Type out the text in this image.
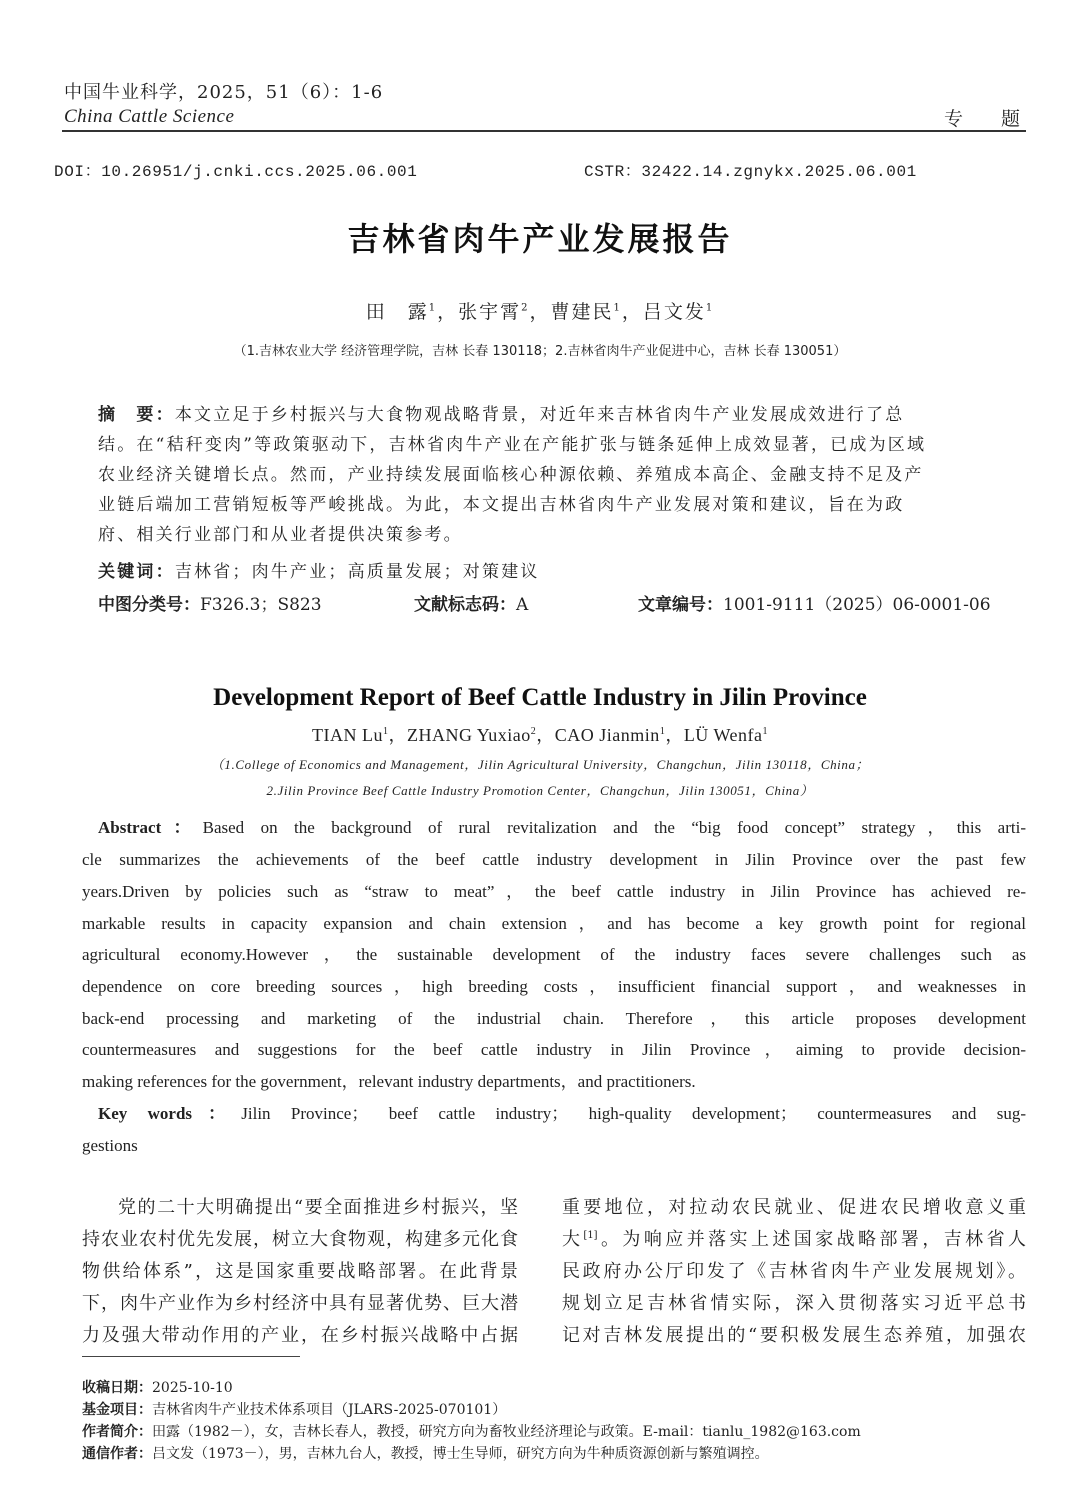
中国牛业科学，2025，51（6）：1-6
China Cattle Science	专题
DOI：10.26951/j.cnki.ccs.2025.06.001	CSTR：32422.14.zgnykx.2025.06.001
吉林省肉牛产业发展报告
田　露$^1$，张宇霄$^2$，曹建民$^1$，吕文发$^1$
（1.吉林农业大学 经济管理学院，吉林 长春 130118；2.吉林省肉牛产业促进中心，吉林 长春 130051）
摘　要：本文立足于乡村振兴与大食物观战略背景，对近年来吉林省肉牛产业发展成效进行了总
结。在“秸秆变肉”等政策驱动下，吉林省肉牛产业在产能扩张与链条延伸上成效显著，已成为区域
农业经济关键增长点。然而，产业持续发展面临核心种源依赖、养殖成本高企、金融支持不足及产
业链后端加工营销短板等严峻挑战。为此，本文提出吉林省肉牛产业发展对策和建议，旨在为政
府、相关行业部门和从业者提供决策参考。
关键词：吉林省；肉牛产业；高质量发展；对策建议
中图分类号：F326.3；S823	文献标志码：A	文章编号：1001-9111（2025）06-0001-06
Development Report of Beef Cattle Industry in Jilin Province
TIAN Lu$^1$，ZHANG Yuxiao$^2$，CAO Jianmin$^1$，LÜ Wenfa$^1$
（1.College of Economics and Management，Jilin Agricultural University，Changchun，Jilin 130118，China；
2.Jilin Province Beef Cattle Industry Promotion Center，Changchun，Jilin 130051，China）
Abstract：Based on the background of rural revitalization and the “big food concept” strategy，this arti-
cle summarizes the achievements of the beef cattle industry development in Jilin Province over the past few
years.Driven by policies such as “straw to meat”，the beef cattle industry in Jilin Province has achieved re-
markable results in capacity expansion and chain extension，and has become a key growth point for regional
agricultural economy.However，the sustainable development of the industry faces severe challenges such as
dependence on core breeding sources，high breeding costs，insufficient financial support，and weaknesses in
back-end processing and marketing of the industrial chain. Therefore，this article proposes development
countermeasures and suggestions for the beef cattle industry in Jilin Province，aiming to provide decision-
making references for the government，relevant industry departments，and practitioners.
Key words：Jilin Province； beef cattle industry； high-quality development； countermeasures and sug-
gestions
党的二十大明确提出“要全面推进乡村振兴，坚
持农业农村优先发展，树立大食物观，构建多元化食
物供给体系”，这是国家重要战略部署。在此背景
下，肉牛产业作为乡村经济中具有显著优势、巨大潜
力及强大带动作用的产业，在乡村振兴战略中占据
重要地位，对拉动农民就业、促进农民增收意义重
大[1]。为响应并落实上述国家战略部署，吉林省人
民政府办公厅印发了《吉林省肉牛产业发展规划》。
规划立足吉林省情实际，深入贯彻落实习近平总书
记对吉林发展提出的“要积极发展生态养殖，加强农
收稿日期：2025-10-10
基金项目：吉林省肉牛产业技术体系项目（JLARS-2025-070101）
作者简介：田露（1982－），女，吉林长春人，教授，研究方向为畜牧业经济理论与政策。E-mail：tianlu_1982@163.com
通信作者：吕文发（1973－），男，吉林九台人，教授，博士生导师，研究方向为牛种质资源创新与繁殖调控。
